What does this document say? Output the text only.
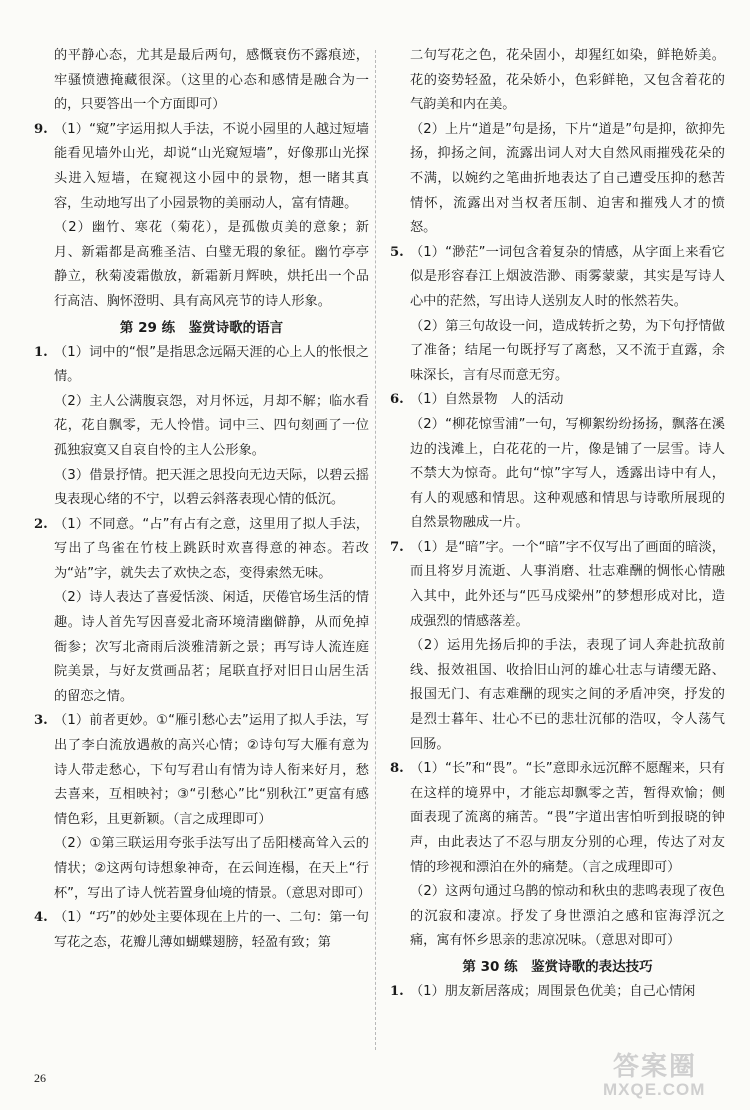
的平静心态，尤其是最后两句，感慨衰伤不露痕迹，牢骚愤懑掩藏很深。（这里的心态和感情是融合为一的，只要答出一个方面即可）
9. （1）“窥”字运用拟人手法，不说小园里的人越过短墙能看见墙外山光，却说“山光窥短墙”，好像那山光探头进入短墙，在窥视这小园中的景物，想一睹其真容，生动地写出了小园景物的美丽动人，富有情趣。
（2）幽竹、寒花（菊花），是孤傲贞美的意象；新月、新霜都是高雅圣洁、白璧无瑕的象征。幽竹亭亭静立，秋菊凌霜傲放，新霜新月辉映，烘托出一个品行高洁、胸怀澄明、具有高风亮节的诗人形象。
第 29 练　鉴赏诗歌的语言
1. （1）词中的“恨”是指思念远隔天涯的心上人的怅恨之情。
（2）主人公满腹哀怨，对月怀远，月却不解；临水看花，花自飘零，无人怜惜。词中三、四句刻画了一位孤独寂寞又自哀自怜的主人公形象。
（3）借景抒情。把天涯之思投向无边天际，以碧云摇曳表现心绪的不宁，以碧云斜落表现心情的低沉。
2. （1）不同意。“占”有占有之意，这里用了拟人手法，写出了鸟雀在竹枝上跳跃时欢喜得意的神态。若改为“站”字，就失去了欢快之态，变得索然无味。
（2）诗人表达了喜爱恬淡、闲适，厌倦官场生活的情趣。诗人首先写因喜爱北斋环境清幽僻静，从而免掉衙参；次写北斋雨后淡雅清新之景；再写诗人流连庭院美景，与好友赏画品茗；尾联直抒对旧日山居生活的留恋之情。
3. （1）前者更妙。①“雁引愁心去”运用了拟人手法，写出了李白流放遇赦的高兴心情；②诗句写大雁有意为诗人带走愁心，下句写君山有情为诗人衔来好月，愁去喜来，互相映衬；③“引愁心”比“别秋江”更富有感情色彩，且更新颖。（言之成理即可）
（2）①第三联运用夸张手法写出了岳阳楼高耸入云的情状；②这两句诗想象神奇，在云间连榻，在天上“行杯”，写出了诗人恍若置身仙境的情景。（意思对即可）
4. （1）“巧”的妙处主要体现在上片的一、二句：第一句写花之态，花瓣儿薄如蝴蝶翅膀，轻盈有致；第
二句写花之色，花朵固小，却猩红如染，鲜艳娇美。花的姿势轻盈，花朵娇小，色彩鲜艳，又包含着花的气韵美和内在美。
（2）上片“道是”句是扬，下片“道是”句是抑，欲抑先扬，抑扬之间，流露出词人对大自然风雨摧残花朵的不满，以婉约之笔曲折地表达了自己遭受压抑的愁苦情怀，流露出对当权者压制、迫害和摧残人才的愤怒。
5. （1）“渺茫”一词包含着复杂的情感，从字面上来看它似是形容春江上烟波浩渺、雨雾蒙蒙，其实是写诗人心中的茫然，写出诗人送别友人时的怅然若失。
（2）第三句故设一问，造成转折之势，为下句抒情做了准备；结尾一句既抒写了离愁，又不流于直露，余味深长，言有尽而意无穷。
6. （1）自然景物　人的活动
（2）“柳花惊雪浦”一句，写柳絮纷纷扬扬，飘落在溪边的浅滩上，白花花的一片，像是铺了一层雪。诗人不禁大为惊奇。此句“惊”字写人，透露出诗中有人，有人的观感和情思。这种观感和情思与诗歌所展现的自然景物融成一片。
7. （1）是“暗”字。一个“暗”字不仅写出了画面的暗淡，而且将岁月流逝、人事消磨、壮志难酬的惆怅心情融入其中，此外还与“匹马戍梁州”的梦想形成对比，造成强烈的情感落差。
（2）运用先扬后抑的手法，表现了词人奔赴抗敌前线、报效祖国、收拾旧山河的雄心壮志与请缨无路、报国无门、有志难酬的现实之间的矛盾冲突，抒发的是烈士暮年、壮心不已的悲壮沉郁的浩叹，令人荡气回肠。
8. （1）“长”和“畏”。“长”意即永远沉醉不愿醒来，只有在这样的境界中，才能忘却飘零之苦，暂得欢愉；侧面表现了流离的痛苦。“畏”字道出害怕听到报晓的钟声，由此表达了不忍与朋友分别的心理，传达了对友情的珍视和漂泊在外的痛楚。（言之成理即可）
（2）这两句通过乌鹊的惊动和秋虫的悲鸣表现了夜色的沉寂和凄凉。抒发了身世漂泊之感和宦海浮沉之痛，寓有怀乡思亲的悲凉况味。（意思对即可）
第 30 练　鉴赏诗歌的表达技巧
1. （1）朋友新居落成；周围景色优美；自己心情闲
26	答案圈
MXQE.COM
